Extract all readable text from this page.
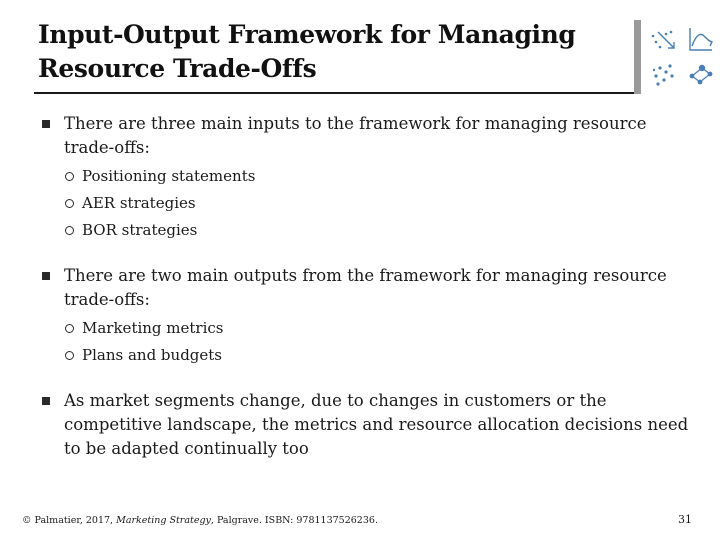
Input-Output Framework for Managing Resource Trade-Offs
There are three main inputs to the framework for managing resource trade-offs:
Positioning statements
AER strategies
BOR strategies
There are two main outputs from the framework for managing resource trade-offs:
Marketing metrics
Plans and budgets
As market segments change, due to changes in customers or the competitive landscape, the metrics and resource allocation decisions need to be adapted continually too
© Palmatier, 2017, Marketing Strategy, Palgrave. ISBN: 9781137526236.	31
